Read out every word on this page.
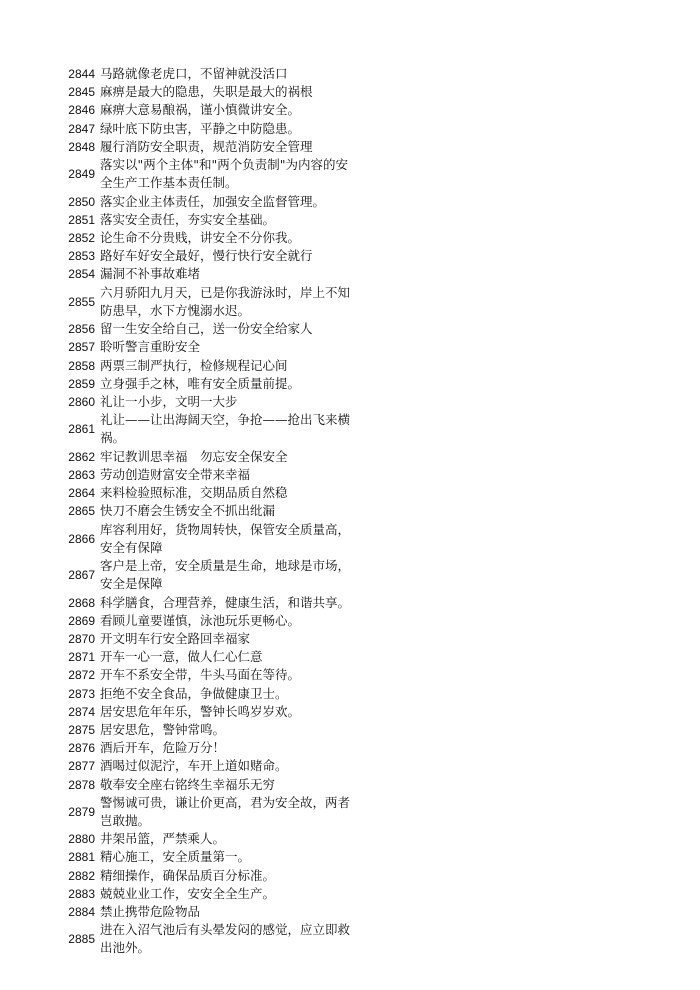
2844 马路就像老虎口，不留神就没活口
2845 麻痹是最大的隐患，失职是最大的祸根
2846 麻痹大意易酿祸，谨小慎微讲安全。
2847 绿叶底下防虫害，平静之中防隐患。
2848 履行消防安全职责，规范消防安全管理
2849
落实以"两个主体"和"两个负责制"为内容的安全生产工作基本责任制。
2850 落实企业主体责任，加强安全监督管理。
2851 落实安全责任，夯实安全基础。
2852 论生命不分贵贱，讲安全不分你我。
2853 路好车好安全最好，慢行快行安全就行
2854 漏洞不补事故难堵
2855
六月骄阳九月天，已是你我游泳时，岸上不知防患早，水下方愧溺水迟。
2856 留一生安全给自己，送一份安全给家人
2857 聆听警言重盼安全
2858 两票三制严执行，检修规程记心间
2859 立身强手之林，唯有安全质量前提。
2860 礼让一小步，文明一大步
2861
礼让——让出海阔天空，争抢——抢出飞来横祸。
2862 牢记教训思幸福　勿忘安全保安全
2863 劳动创造财富安全带来幸福
2864 来料检验照标准，交期品质自然稳
2865 快刀不磨会生锈安全不抓出纰漏
2866
库容利用好，货物周转快，保管安全质量高，安全有保障
2867
客户是上帝，安全质量是生命，地球是市场，安全是保障
2868 科学膳食，合理营养，健康生活，和谐共享。
2869 看顾儿童要谨慎，泳池玩乐更畅心。
2870 开文明车行安全路回幸福家
2871 开车一心一意，做人仁心仁意
2872 开车不系安全带，牛头马面在等待。
2873 拒绝不安全食品，争做健康卫士。
2874 居安思危年年乐，警钟长鸣岁岁欢。
2875 居安思危，警钟常鸣。
2876 酒后开车，危险万分！
2877 酒喝过似泥泞，车开上道如赌命。
2878 敬奉安全座右铭终生幸福乐无穷
2879
警惕诚可贵，谦让价更高，君为安全故，两者岂敢抛。
2880 井架吊篮，严禁乘人。
2881 精心施工，安全质量第一。
2882 精细操作，确保品质百分标准。
2883 兢兢业业工作，安安全全生产。
2884 禁止携带危险物品
2885
进在入沼气池后有头晕发闷的感觉，应立即救出池外。
